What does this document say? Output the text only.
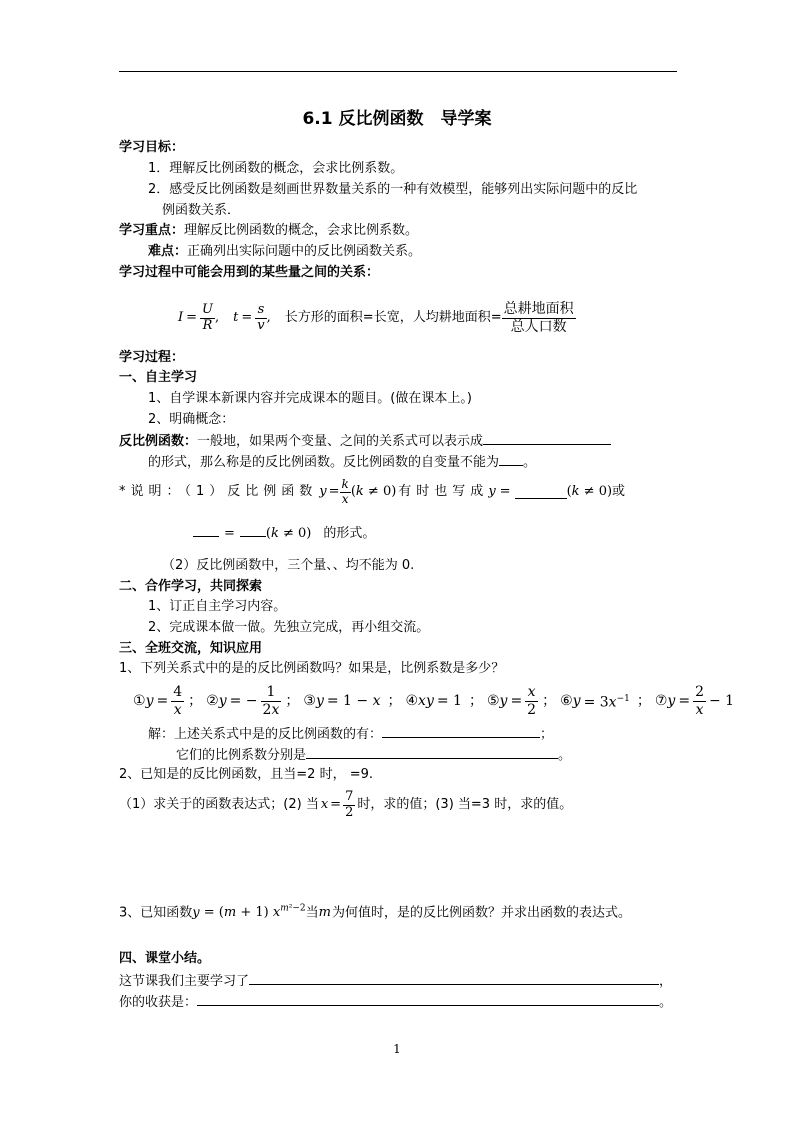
6.1 反比例函数　导学案
学习目标：
1．理解反比例函数的概念，会求比例系数。
2．感受反比例函数是刻画世界数量关系的一种有效模型，能够列出实际问题中的反比
例函数关系．
学习重点：理解反比例函数的概念，会求比例系数。
难点：正确列出实际问题中的反比例函数关系。
学习过程中可能会用到的某些量之间的关系：
$I = \frac{U}{R}$ , $t = \frac{s}{v}$ , 长方形的面积=长宽，人均耕地面积= $\frac{\text{总耕地面积}}{\text{总人口数}}$
学习过程：
一、自主学习
1、自学课本新课内容并完成课本的题目。(做在课本上。)
2、明确概念：
反比例函数：一般地，如果两个变量、之间的关系式可以表示成
的形式，那么称是的反比例函数。反比例函数的自变量不能为 。
*说明：（1）反比例函数 $y = \frac{k}{x} (k \ne 0)$ 有时也写成 y =	(k ≠ 0) 或
= (k ≠ 0) 的形式。
（2）反比例函数中，三个量、、均不能为 0.
二、合作学习，共同探索
1、订正自主学习内容。
2、完成课本做一做。先独立完成，再小组交流。
三、全班交流，知识应用
1、下列关系式中的是的反比例函数吗？如果是，比例系数是多少？
① $y = \frac{4}{x}$ ； ② y = − $\frac{1}{2x}$ ； ③ y = 1 − x ； ④ xy = 1 ； ⑤ $y = \frac{x}{2}$ ； ⑥ $y = 3x^{-1}$ ； ⑦ $y = \frac{2}{x} - 1$
解：上述关系式中是的反比例函数的有：	；
它们的比例系数分别是	。
2、已知是的反比例函数，且当=2 时， =9.
（1）求关于的函数表达式；(2) 当 $x = \frac{7}{2}$ 时，求的值；(3) 当=3 时，求的值。
3、已知函数y = (m + 1) $x^{m^2-2}$当m为何值时，是的反比例函数？并求出函数的表达式。
四、课堂小结。
这节课我们主要学习了	，
你的收获是：	。
1
